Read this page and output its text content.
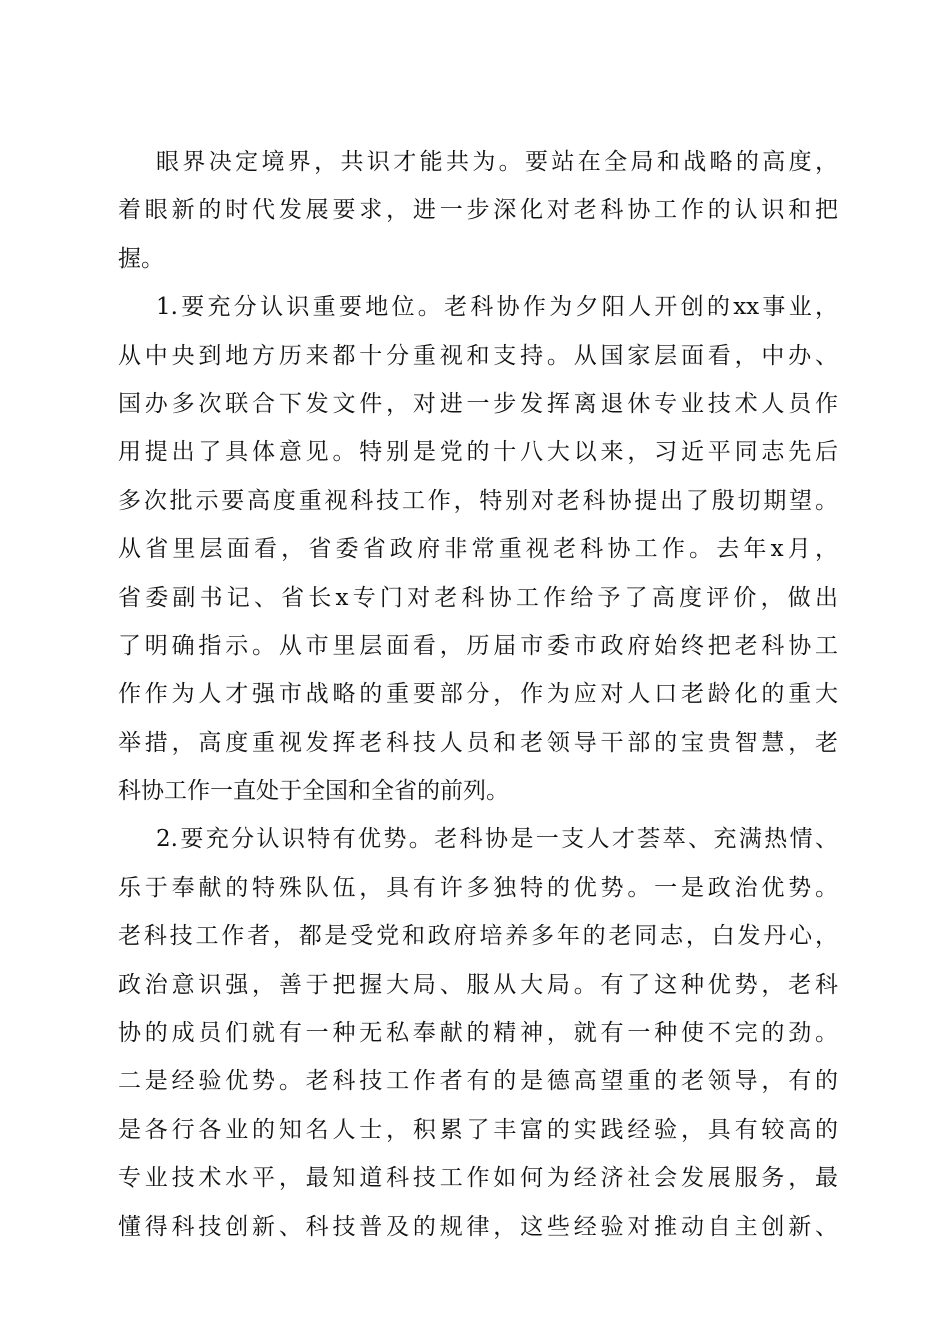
眼界决定境界，共识才能共为。要站在全局和战略的高度，
着眼新的时代发展要求，进一步深化对老科协工作的认识和把
握。
1.要充分认识重要地位。老科协作为夕阳人开创的xx事业，
从中央到地方历来都十分重视和支持。从国家层面看，中办、
国办多次联合下发文件，对进一步发挥离退休专业技术人员作
用提出了具体意见。特别是党的十八大以来，习近平同志先后
多次批示要高度重视科技工作，特别对老科协提出了殷切期望。
从省里层面看，省委省政府非常重视老科协工作。去年x月，
省委副书记、省长x专门对老科协工作给予了高度评价，做出
了明确指示。从市里层面看，历届市委市政府始终把老科协工
作作为人才强市战略的重要部分，作为应对人口老龄化的重大
举措，高度重视发挥老科技人员和老领导干部的宝贵智慧，老
科协工作一直处于全国和全省的前列。
2.要充分认识特有优势。老科协是一支人才荟萃、充满热情、
乐于奉献的特殊队伍，具有许多独特的优势。一是政治优势。
老科技工作者，都是受党和政府培养多年的老同志，白发丹心，
政治意识强，善于把握大局、服从大局。有了这种优势，老科
协的成员们就有一种无私奉献的精神，就有一种使不完的劲。
二是经验优势。老科技工作者有的是德高望重的老领导，有的
是各行各业的知名人士，积累了丰富的实践经验，具有较高的
专业技术水平，最知道科技工作如何为经济社会发展服务，最
懂得科技创新、科技普及的规律，这些经验对推动自主创新、
